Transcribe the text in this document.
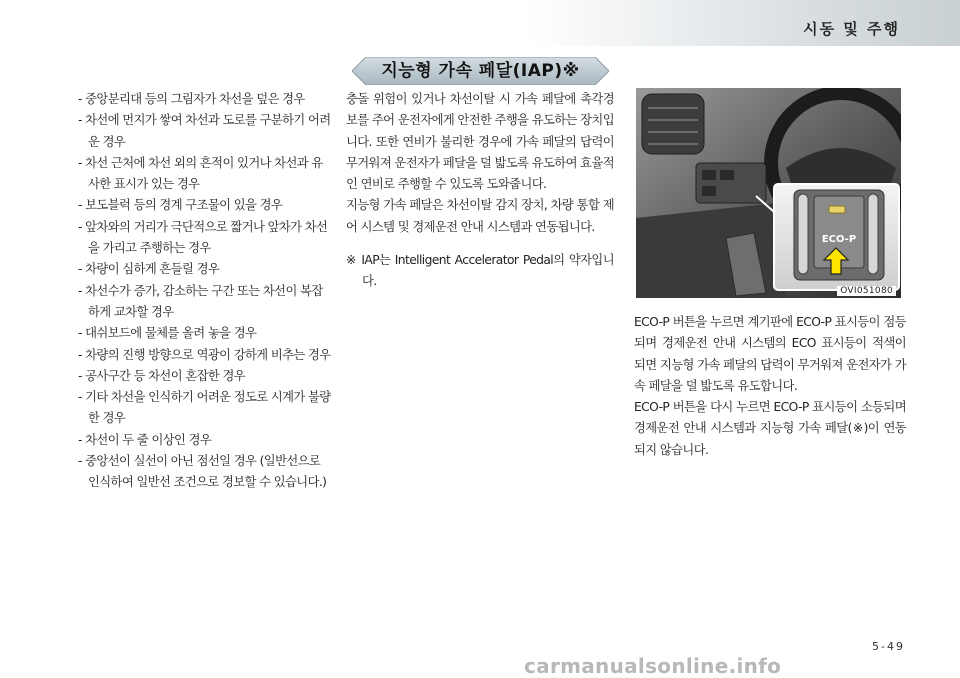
시동 및 주행
- 중앙분리대 등의 그림자가 차선을 덮은 경우
- 차선에 먼지가 쌓여 차선과 도로를 구분하기 어려운 경우
- 차선 근처에 차선 외의 흔적이 있거나 차선과 유사한 표시가 있는 경우
- 보도블럭 등의 경계 구조물이 있을 경우
- 앞차와의 거리가 극단적으로 짧거나 앞차가 차선을 가리고 주행하는 경우
- 차량이 심하게 흔들릴 경우
- 차선수가 증가, 감소하는 구간 또는 차선이 복잡하게 교차할 경우
- 대쉬보드에 물체를 올려 놓을 경우
- 차량의 진행 방향으로 역광이 강하게 비추는 경우
- 공사구간 등 차선이 혼잡한 경우
- 기타 차선을 인식하기 어려운 정도로 시계가 불량한 경우
- 차선이 두 줄 이상인 경우
- 중앙선이 실선이 아닌 점선일 경우 (일반선으로 인식하여 일반선 조건으로 경보할 수 있습니다.)
지능형 가속 페달(IAP)※

충돌 위험이 있거나 차선이탈 시 가속 페달에 촉각경보를 주어 운전자에게 안전한 주행을 유도하는 장치입니다. 또한 연비가 불리한 경우에 가속 페달의 답력이 무거워져 운전자가 페달을 덜 밟도록 유도하여 효율적인 연비로 주행할 수 있도록 도와줍니다.

지능형 가속 페달은 차선이탈 감지 장치, 차량 통합 제어 시스템 및 경제운전 안내 시스템과 연동됩니다.

※ IAP는 Intelligent Accelerator Pedal의 약자입니다.

ECO-P
OVI051080

ECO-P 버튼을 누르면 계기판에 ECO-P 표시등이 점등되며 경제운전 안내 시스템의 ECO 표시등이 적색이 되면 지능형 가속 페달의 답력이 무거워져 운전자가 가속 페달을 덜 밟도록 유도합니다.

ECO-P 버튼을 다시 누르면 ECO-P 표시등이 소등되며 경제운전 안내 시스템과 지능형 가속 페달(※)이 연동되지 않습니다.

5-49
carmanualsonline.info
